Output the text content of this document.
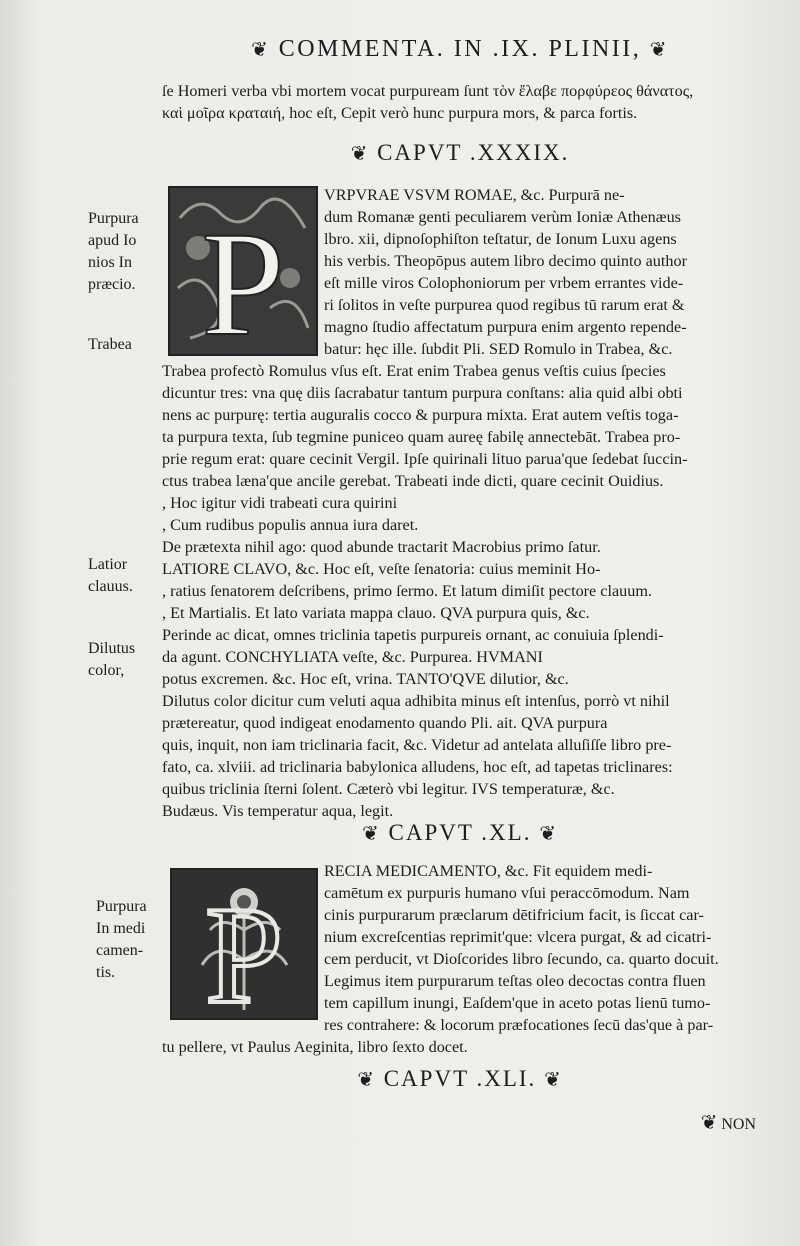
❦ COMMENTA. IN .IX. PLINII, ❦
ſe Homeri verba vbi mortem vocat purpuream ſunt τὸν ἔλαβε πορφύρεος θάνατος,
καὶ μοῖρα κραταιή, hoc eſt, Cepit verò hunc purpura mors, & parca fortis.
❦ CAPVT .XXXIX.
P
VRPVRAE VSVM ROMAE, &c. Purpurā ne-
dum Romanæ genti peculiarem verùm Ioniæ Athenæus
lbro. xii, dipnoſophiſton teſtatur, de Ionum Luxu agens
his verbis. Theopōpus autem libro decimo quinto author
eſt mille viros Colophoniorum per vrbem errantes vide-
ri ſolitos in veſte purpurea quod regibus tū rarum erat &
magno ſtudio affectatum purpura enim argento repende-
batur: hęc ille. ſubdit Pli. SED Romulo in Trabea, &c.
Trabea profectò Romulus vſus eſt. Erat enim Trabea genus veſtis cuius ſpecies
dicuntur tres: vna quę diis ſacrabatur tantum purpura conſtans: alia quid albi obti
nens ac purpurę: tertia auguralis cocco & purpura mixta. Erat autem veſtis toga-
ta purpura texta, ſub tegmine puniceo quam aureę fabilę annectebāt. Trabea pro-
prie regum erat: quare cecinit Vergil. Ipſe quirinali lituo parua'que ſedebat ſuccin-
ctus trabea læna'que ancile gerebat. Trabeati inde dicti, quare cecinit Ouidius.
, Hoc igitur vidi trabeati cura quirini
, Cum rudibus populis annua iura daret.
De prætexta nihil ago: quod abunde tractarit Macrobius primo ſatur.
LATIORE CLAVO, &c. Hoc eſt, veſte ſenatoria: cuius meminit Ho-
, ratius ſenatorem deſcribens, primo ſermo. Et latum dimiſit pectore clauum.
, Et Martialis. Et lato variata mappa clauo. QVA purpura quis, &c.
Perinde ac dicat, omnes triclinia tapetis purpureis ornant, ac conuiuia ſplendi-
da agunt. CONCHYLIATA veſte, &c. Purpurea. HVMANI
potus excremen. &c. Hoc eſt, vrina. TANTO'QVE dilutior, &c.
Dilutus color dicitur cum veluti aqua adhibita minus eſt intenſus, porrò vt nihil
prætereatur, quod indigeat enodamento quando Pli. ait. QVA purpura
quis, inquit, non iam triclinaria facit, &c. Videtur ad antelata alluſiſſe libro pre-
fato, ca. xlviii. ad triclinaria babylonica alludens, hoc eſt, ad tapetas triclinares:
quibus triclinia ſterni ſolent. Cæterò vbi legitur. IVS temperaturæ, &c.
Budæus. Vis temperatur aqua, legit.
Purpura
apud Io
nios In
præcio.
Trabea
Latior
clauus.
Dilutus
color,
❦ CAPVT .XL. ❦
P
RECIA MEDICAMENTO, &c. Fit equidem medi-
camētum ex purpuris humano vſui peraccōmodum. Nam
cinis purpurarum præclarum dētifricium facit, is ſiccat car-
nium excreſcentias reprimit'que: vlcera purgat, & ad cicatri-
cem perducit, vt Dioſcorides libro ſecundo, ca. quarto docuit.
Legimus item purpurarum teſtas oleo decoctas contra fluen
tem capillum inungi, Eaſdem'que in aceto potas lienū tumo-
res contrahere: & locorum præfocationes ſecū das'que à par-
tu pellere, vt Paulus Aeginita, libro ſexto docet.
Purpura
In medi
camen-
tis.
❦ CAPVT .XLI. ❦
❦ NON
